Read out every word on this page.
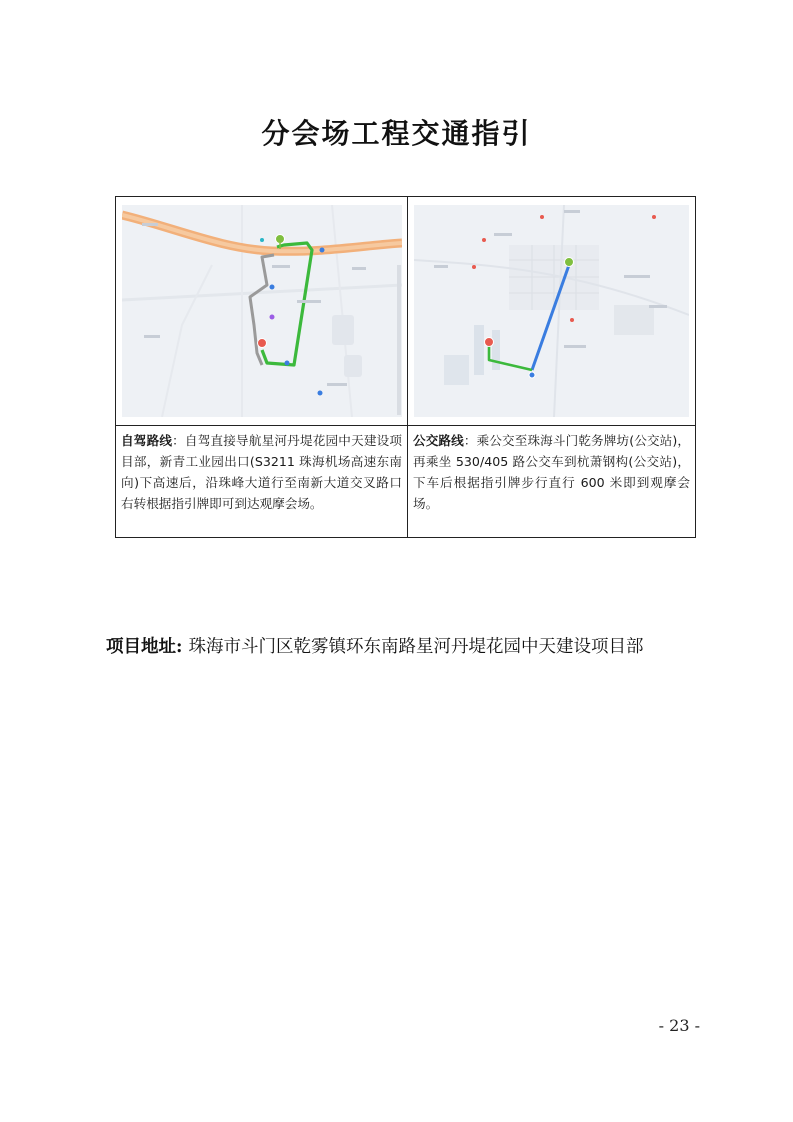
分会场工程交通指引
自驾路线：自驾直接导航星河丹堤花园中天建设项目部，新青工业园出口(S3211 珠海机场高速东南向)下高速后，沿珠峰大道行至南新大道交叉路口右转根据指引牌即可到达观摩会场。
公交路线：乘公交至珠海斗门乾务牌坊(公交站)，再乘坐 530/405 路公交车到杭萧钢构(公交站)，下车后根据指引牌步行直行 600 米即到观摩会场。
项目地址: 珠海市斗门区乾雾镇环东南路星河丹堤花园中天建设项目部
- 23 -
